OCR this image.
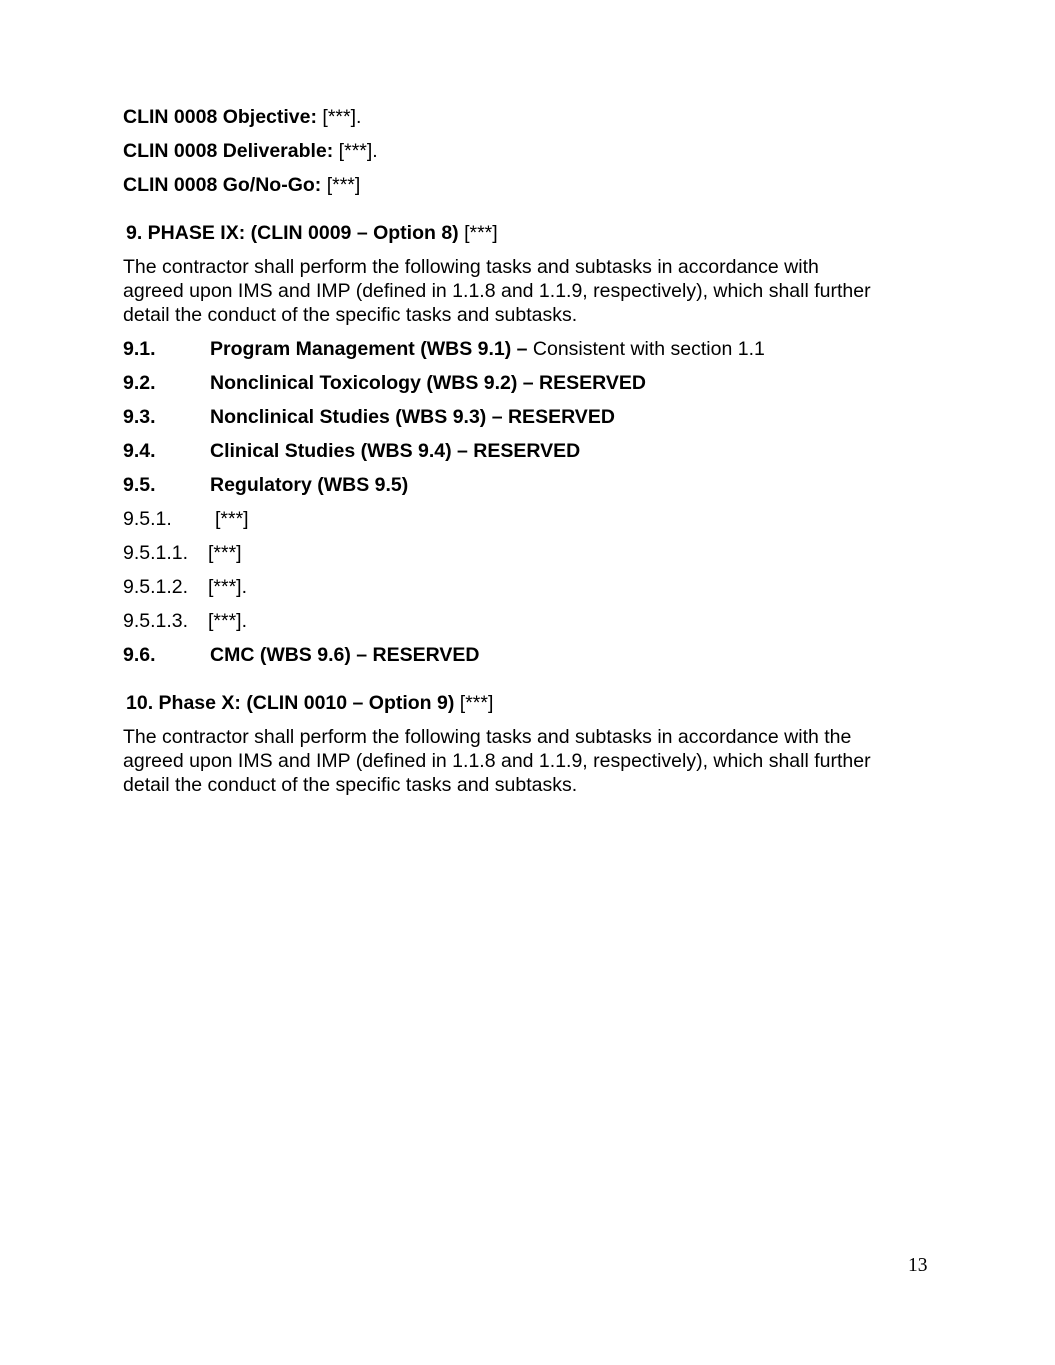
CLIN 0008 Objective: [***].
CLIN 0008 Deliverable: [***].
CLIN 0008 Go/No-Go: [***]
9. PHASE IX: (CLIN 0009 – Option 8) [***]
The contractor shall perform the following tasks and subtasks in accordance with
agreed upon IMS and IMP (defined in 1.1.8 and 1.1.9, respectively), which shall further
detail the conduct of the specific tasks and subtasks.
9.1.	Program Management (WBS 9.1) – Consistent with section 1.1
9.2.	Nonclinical Toxicology (WBS 9.2) – RESERVED
9.3.	Nonclinical Studies (WBS 9.3) – RESERVED
9.4.	Clinical Studies (WBS 9.4) – RESERVED
9.5.	Regulatory (WBS 9.5)
9.5.1. [***]
9.5.1.1. [***]
9.5.1.2. [***].
9.5.1.3. [***].
9.6.	CMC (WBS 9.6) – RESERVED
10. Phase X: (CLIN 0010 – Option 9) [***]
The contractor shall perform the following tasks and subtasks in accordance with the
agreed upon IMS and IMP (defined in 1.1.8 and 1.1.9, respectively), which shall further
detail the conduct of the specific tasks and subtasks.
13
